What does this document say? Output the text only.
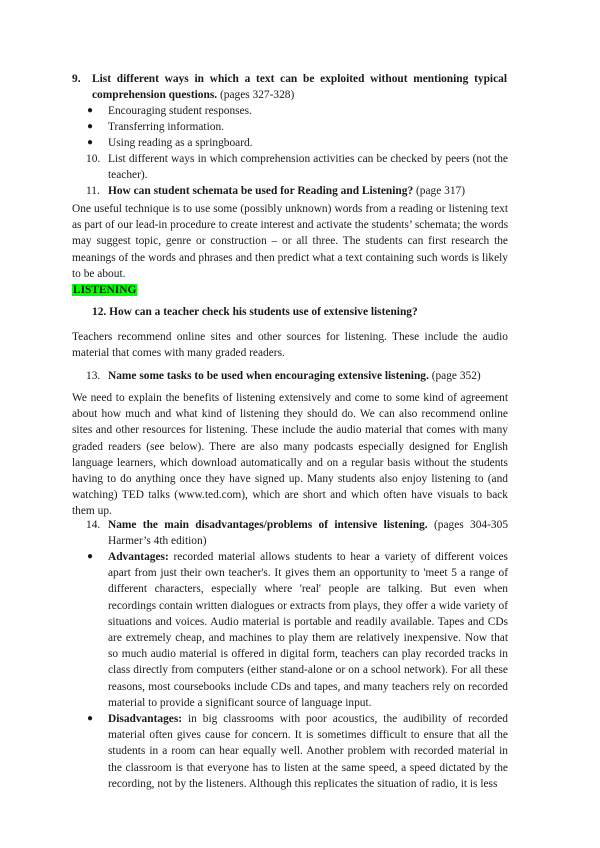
9. List different ways in which a text can be exploited without mentioning typical comprehension questions. (pages 327-328)

● Encouraging student responses.

● Transferring information.

● Using reading as a springboard.

10. List different ways in which comprehension activities can be checked by peers (not the teacher).

11. How can student schemata be used for Reading and Listening? (page 317)

One useful technique is to use some (possibly unknown) words from a reading or listening text as part of our lead-in procedure to create interest and activate the students’ schemata; the words may suggest topic, genre or construction – or all three. The students can first research the meanings of the words and phrases and then predict what a text containing such words is likely to be about.

LISTENING
12. How can a teacher check his students use of extensive listening?

Teachers recommend online sites and other sources for listening. These include the audio material that comes with many graded readers.

13. Name some tasks to be used when encouraging extensive listening. (page 352)

We need to explain the benefits of listening extensively and come to some kind of agreement about how much and what kind of listening they should do. We can also recommend online sites and other resources for listening. These include the audio material that comes with many graded readers (see below). There are also many podcasts especially designed for English language learners, which download automatically and on a regular basis without the students having to do anything once they have signed up. Many students also enjoy listening to (and watching) TED talks (www.ted.com), which are short and which often have visuals to back them up.

14. Name the main disadvantages/problems of intensive listening. (pages 304-305 Harmer’s 4th edition)

● Advantages: recorded material allows students to hear a variety of different voices apart from just their own teacher's. It gives them an opportunity to 'meet 5 a range of different characters, especially where 'real' people are talking. But even when recordings contain written dialogues or extracts from plays, they offer a wide variety of situations and voices. Audio material is portable and readily available. Tapes and CDs are extremely cheap, and machines to play them are relatively inexpensive. Now that so much audio material is offered in digital form, teachers can play recorded tracks in class directly from computers (either stand-alone or on a school network). For all these reasons, most coursebooks include CDs and tapes, and many teachers rely on recorded material to provide a significant source of language input.

● Disadvantages: in big classrooms with poor acoustics, the audibility of recorded material often gives cause for concern. It is sometimes difficult to ensure that all the students in a room can hear equally well. Another problem with recorded material in the classroom is that everyone has to listen at the same speed, a speed dictated by the recording, not by the listeners. Although this replicates the situation of radio, it is less
